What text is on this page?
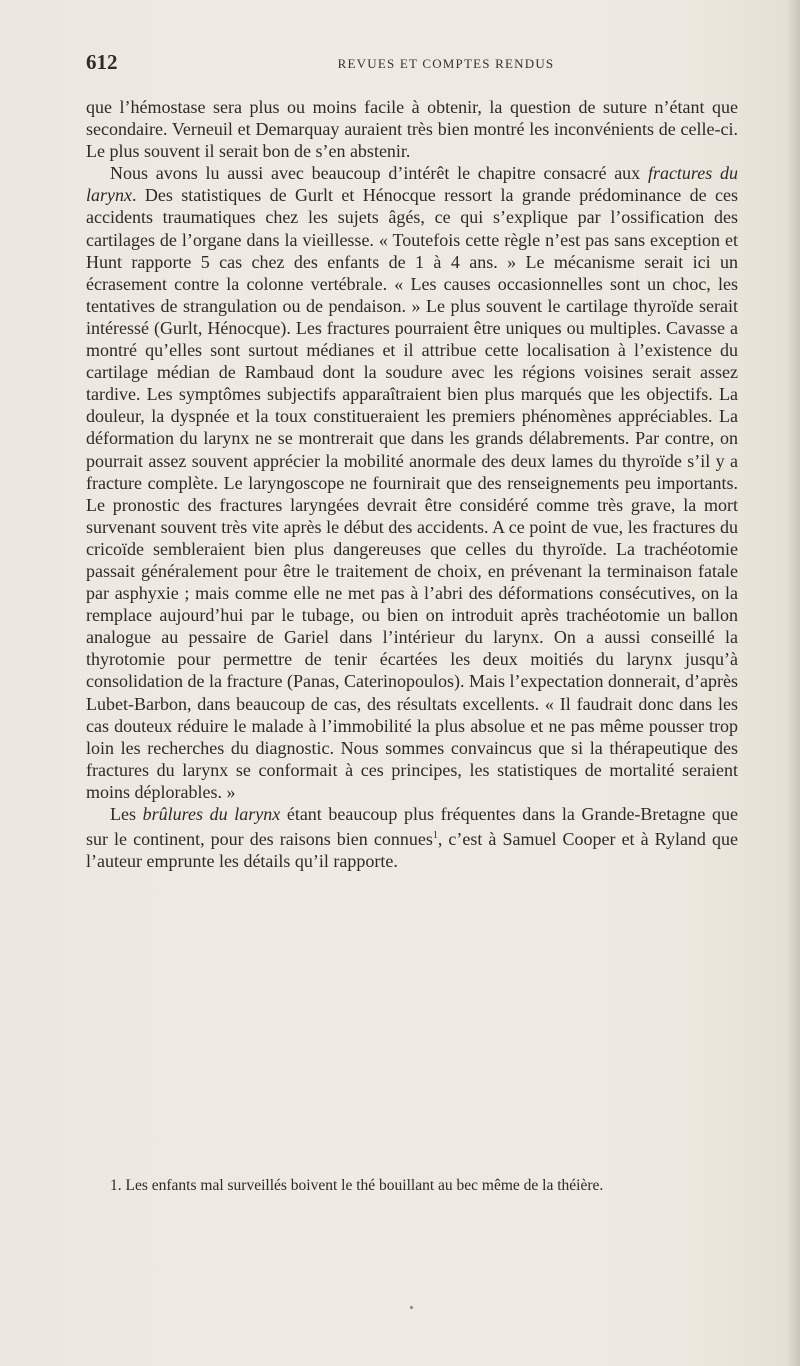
612	REVUES ET COMPTES RENDUS

que l’hémostase sera plus ou moins facile à obtenir, la question de suture n’étant que secondaire. Verneuil et Demarquay auraient très bien montré les inconvénients de celle-ci. Le plus souvent il serait bon de s’en abstenir.

Nous avons lu aussi avec beaucoup d’intérêt le chapitre consacré aux fractures du larynx. Des statistiques de Gurlt et Hénocque ressort la grande prédominance de ces accidents traumatiques chez les sujets âgés, ce qui s’explique par l’ossification des cartilages de l’organe dans la vieillesse. « Toutefois cette règle n’est pas sans exception et Hunt rapporte 5 cas chez des enfants de 1 à 4 ans. » Le mécanisme serait ici un écrasement contre la colonne vertébrale. « Les causes occasionnelles sont un choc, les tentatives de strangulation ou de pendaison. » Le plus souvent le cartilage thyroïde serait intéressé (Gurlt, Hénocque). Les fractures pourraient être uniques ou multiples. Cavasse a montré qu’elles sont surtout médianes et il attribue cette localisation à l’existence du cartilage médian de Rambaud dont la soudure avec les régions voisines serait assez tardive. Les symptômes subjectifs apparaîtraient bien plus marqués que les objectifs. La douleur, la dyspnée et la toux constitueraient les premiers phénomènes appréciables. La déformation du larynx ne se montrerait que dans les grands délabrements. Par contre, on pourrait assez souvent apprécier la mobilité anormale des deux lames du thyroïde s’il y a fracture complète. Le laryngoscope ne fournirait que des renseignements peu importants. Le pronostic des fractures laryngées devrait être considéré comme très grave, la mort survenant souvent très vite après le début des accidents. A ce point de vue, les fractures du cricoïde sembleraient bien plus dangereuses que celles du thyroïde. La trachéotomie passait généralement pour être le traitement de choix, en prévenant la terminaison fatale par asphyxie ; mais comme elle ne met pas à l’abri des déformations consécutives, on la remplace aujourd’hui par le tubage, ou bien on introduit après trachéotomie un ballon analogue au pessaire de Gariel dans l’intérieur du larynx. On a aussi conseillé la thyrotomie pour permettre de tenir écartées les deux moitiés du larynx jusqu’à consolidation de la fracture (Panas, Caterinopoulos). Mais l’expectation donnerait, d’après Lubet-Barbon, dans beaucoup de cas, des résultats excellents. « Il faudrait donc dans les cas douteux réduire le malade à l’immobilité la plus absolue et ne pas même pousser trop loin les recherches du diagnostic. Nous sommes convaincus que si la thérapeutique des fractures du larynx se conformait à ces principes, les statistiques de mortalité seraient moins déplorables. »

Les brûlures du larynx étant beaucoup plus fréquentes dans la Grande-Bretagne que sur le continent, pour des raisons bien connues$^1$, c’est à Samuel Cooper et à Ryland que l’auteur emprunte les détails qu’il rapporte.

1. Les enfants mal surveillés boivent le thé bouillant au bec même de la théière.
